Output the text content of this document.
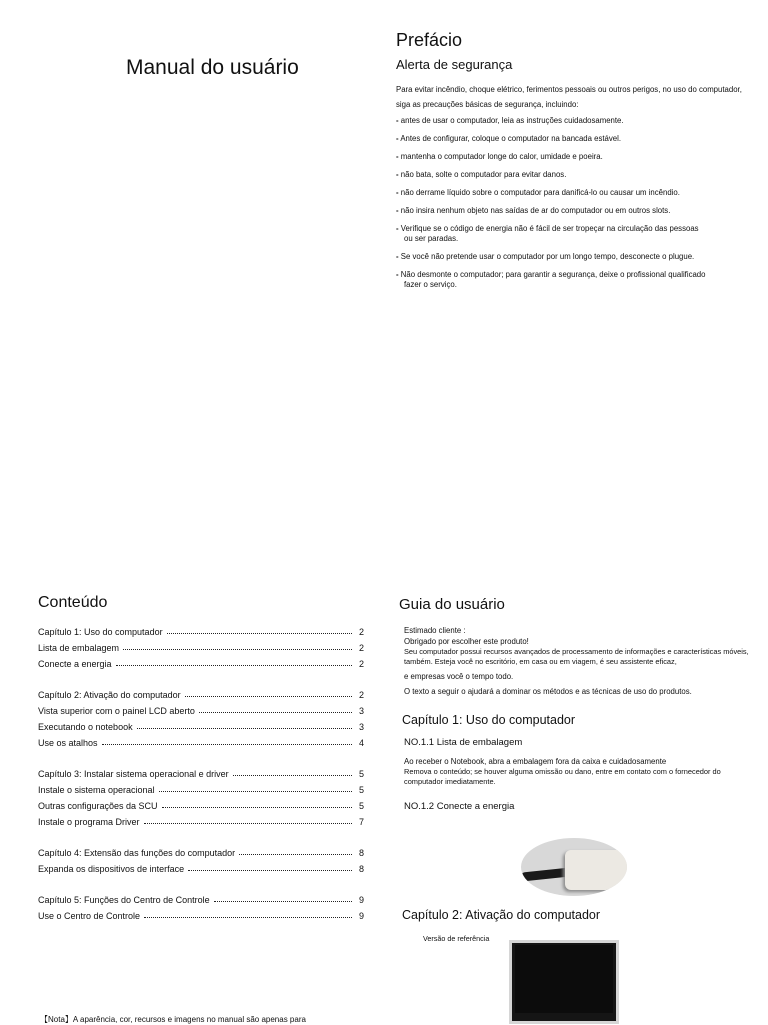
Manual do usuário
Prefácio
Alerta de segurança

Para evitar incêndio, choque elétrico, ferimentos pessoais ou outros perigos, no uso do computador, siga as precauções básicas de segurança, incluindo:

- antes de usar o computador, leia as instruções cuidadosamente.
- Antes de configurar, coloque o computador na bancada estável.
- mantenha o computador longe do calor, umidade e poeira.
- não bata, solte o computador para evitar danos.
- não derrame líquido sobre o computador para danificá-lo ou causar um incêndio.
- não insira nenhum objeto nas saídas de ar do computador ou em outros slots.
- Verifique se o código de energia não é fácil de ser tropeçar na circulação das pessoas
ou ser paradas.
- Se você não pretende usar o computador por um longo tempo, desconecte o plugue.
- Não desmonte o computador; para garantir a segurança, deixe o profissional qualificado
fazer o serviço.
Conteúdo
Capítulo 1: Uso do computador	2
Lista de embalagem	2
Conecte a energia	2
Capítulo 2: Ativação do computador	2
Vista superior com o painel LCD aberto	3
Executando o notebook	3
Use os atalhos	4
Capítulo 3: Instalar sistema operacional e driver	5
Instale o sistema operacional	5
Outras configurações da SCU	5
Instale o programa Driver	7
Capítulo 4: Extensão das funções do computador	8
Expanda os dispositivos de interface	8
Capítulo 5: Funções do Centro de Controle	9
Use o Centro de Controle	9
【Nota】A aparência, cor, recursos e imagens no manual são apenas para
Guia do usuário

Estimado cliente :

Obrigado por escolher este produto!

Seu computador possui recursos avançados de processamento de informações e características móveis, também. Esteja você no escritório, em casa ou em viagem, é seu assistente eficaz,

e empresas você o tempo todo.

O texto a seguir o ajudará a dominar os métodos e as técnicas de uso do produtos.

Capítulo 1: Uso do computador
NO.1.1 Lista de embalagem

Ao receber o Notebook, abra a embalagem fora da caixa e cuidadosamente

Remova o conteúdo; se houver alguma omissão ou dano, entre em contato com o fornecedor do computador imediatamente.

NO.1.2 Conecte a energia
Capítulo 2: Ativação do computador
Versão de referência
